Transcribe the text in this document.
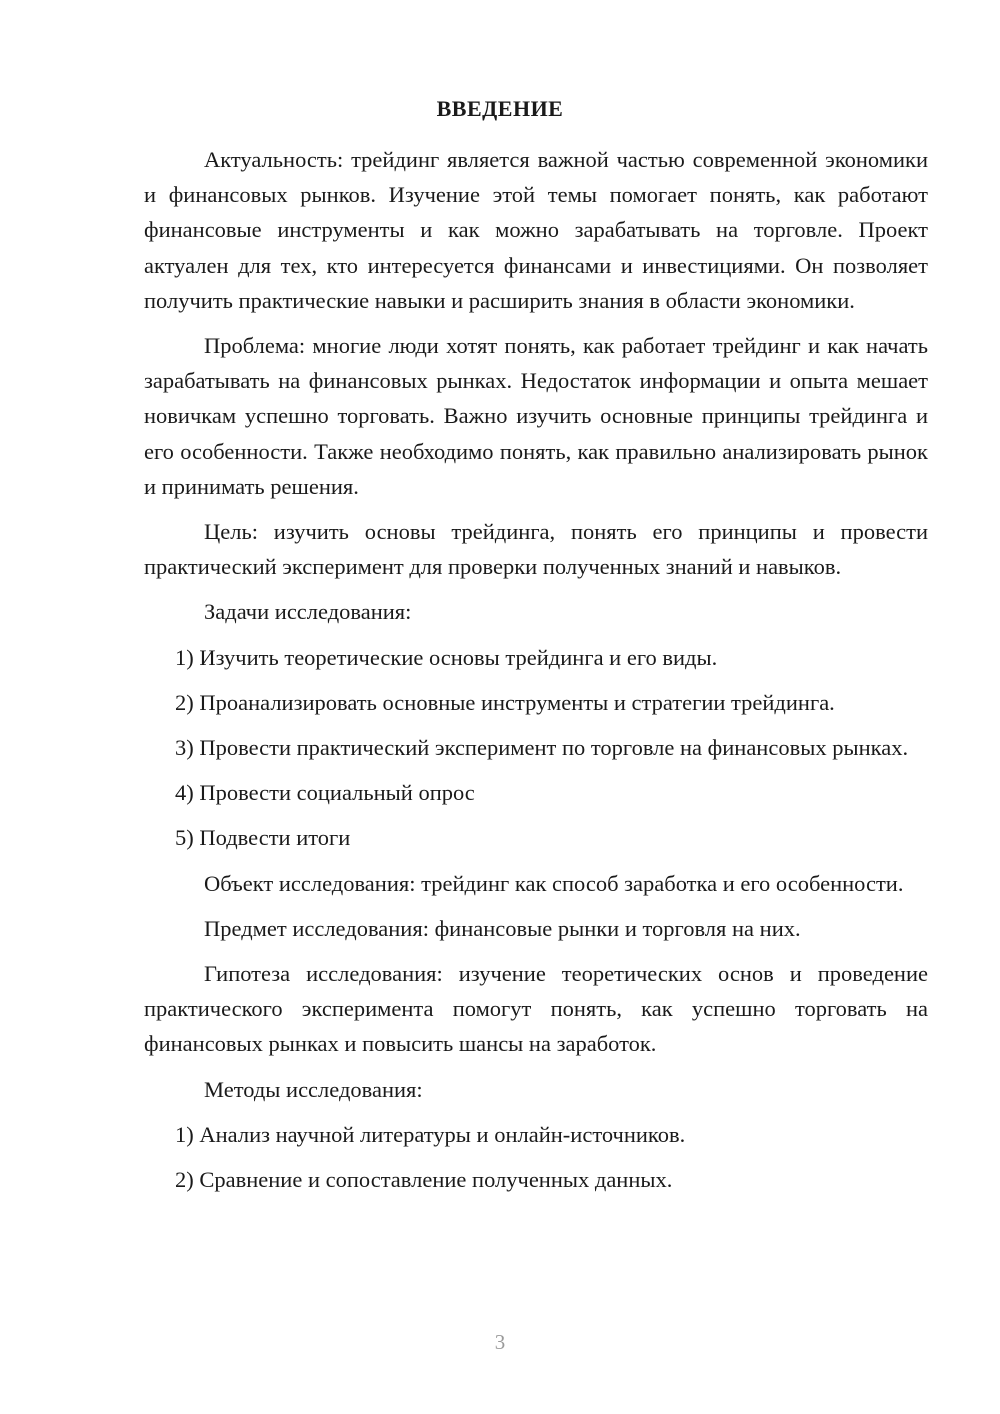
ВВЕДЕНИЕ

Актуальность: трейдинг является важной частью современной экономики и финансовых рынков. Изучение этой темы помогает понять, как работают финансовые инструменты и как можно зарабатывать на торговле. Проект актуален для тех, кто интересуется финансами и инвестициями. Он позволяет получить практические навыки и расширить знания в области экономики.

Проблема: многие люди хотят понять, как работает трейдинг и как начать зарабатывать на финансовых рынках. Недостаток информации и опыта мешает новичкам успешно торговать. Важно изучить основные принципы трейдинга и его особенности. Также необходимо понять, как правильно анализировать рынок и принимать решения.

Цель: изучить основы трейдинга, понять его принципы и провести практический эксперимент для проверки полученных знаний и навыков.

Задачи исследования:

1) Изучить теоретические основы трейдинга и его виды.

2) Проанализировать основные инструменты и стратегии трейдинга.

3) Провести практический эксперимент по торговле на финансовых рынках.

4) Провести социальный опрос

5) Подвести итоги

Объект исследования: трейдинг как способ заработка и его особенности.

Предмет исследования: финансовые рынки и торговля на них.

Гипотеза исследования: изучение теоретических основ и проведение практического эксперимента помогут понять, как успешно торговать на финансовых рынках и повысить шансы на заработок.

Методы исследования:

1) Анализ научной литературы и онлайн-источников.

2) Сравнение и сопоставление полученных данных.

3
